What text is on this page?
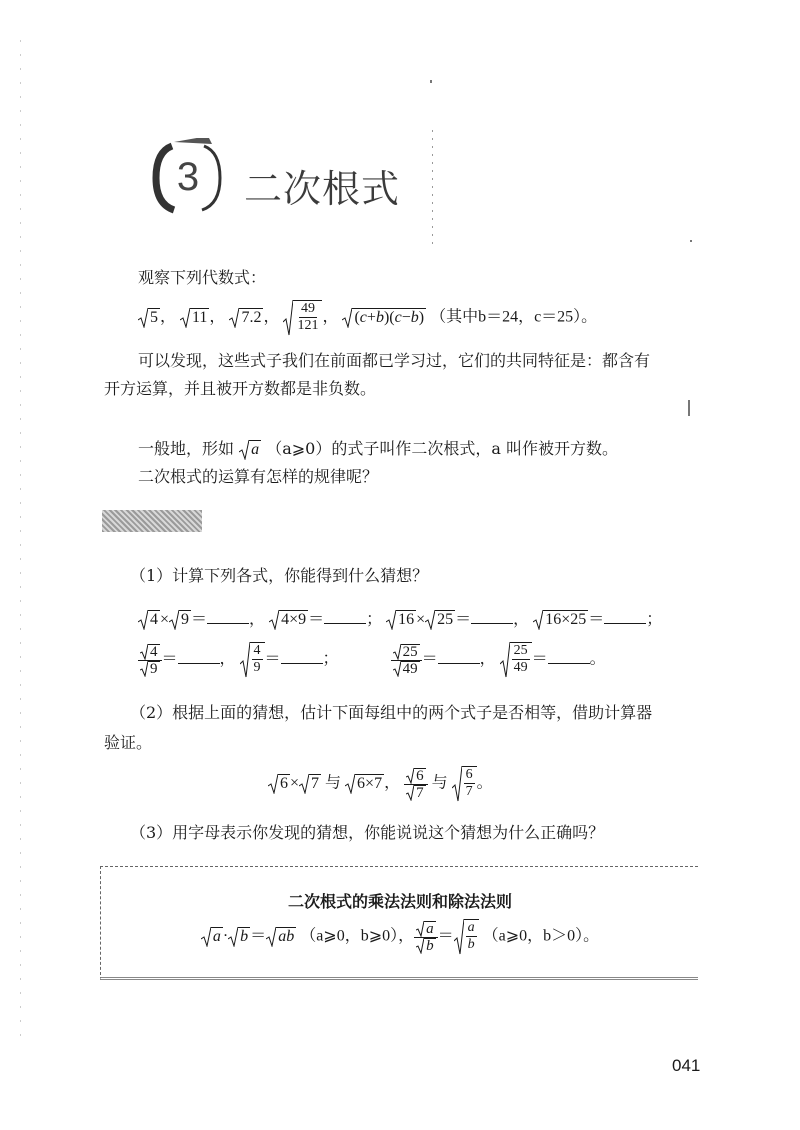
3	二次根式
观察下列代数式：
5 ， 11 ， 7.2 ， $\frac{49}{121}$ ， (c+b)(c−b) （其中b＝24，c＝25）。
可以发现，这些式子我们在前面都已学习过，它们的共同特征是：都含有
开方运算，并且被开方数都是非负数。
一般地，形如 a （a⩾0）的式子叫作二次根式，a 叫作被开方数。
二次根式的运算有怎样的规律呢？
（1）计算下列各式，你能得到什么猜想？
4 × 9 ＝	， 4×9 ＝	； 16 × 25 ＝	， 16×25 ＝	；
$\frac{4}{9}$ ＝	， $\frac{4}{9}$ ＝	；	$\frac{25}{49}$ ＝	， $\frac{25}{49}$ ＝	。
（2）根据上面的猜想，估计下面每组中的两个式子是否相等，借助计算器
验证。
6 × 7 与 6×7 ， $\frac{6}{7}$ 与 $\frac{6}{7}$ 。
（3）用字母表示你发现的猜想，你能说说这个猜想为什么正确吗？
二次根式的乘法法则和除法法则
a · b ＝ ab （a⩾0，b⩾0）， $\frac{a}{b} = \frac{a}{b}$ （a⩾0，b＞0）。
041
